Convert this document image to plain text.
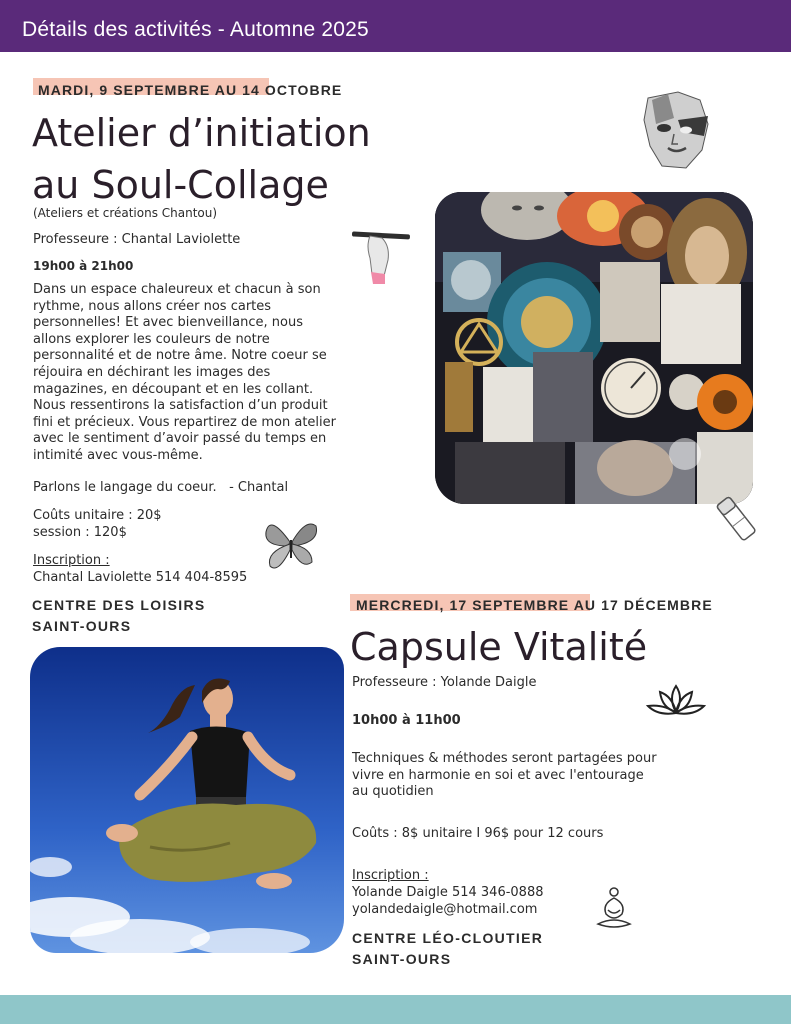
Détails des activités - Automne 2025
MARDI, 9 SEPTEMBRE AU 14 OCTOBRE
Atelier d’initiation
au Soul-Collage
(Ateliers et créations Chantou)
Professeure : Chantal Laviolette
19h00 à 21h00
Dans un espace chaleureux et chacun à son
rythme, nous allons créer nos cartes
personnelles! Et avec bienveillance, nous
allons explorer les couleurs de notre
personnalité et de notre âme. Notre coeur se
réjouira en déchirant les images des
magazines, en découpant et en les collant.
Nous ressentirons la satisfaction d’un produit
fini et précieux. Vous repartirez de mon atelier
avec le sentiment d’avoir passé du temps en
intimité avec vous-même.
Parlons le langage du coeur.   - Chantal
Coûts unitaire : 20$
session : 120$
Inscription :
Chantal Laviolette 514 404-8595
CENTRE DES LOISIRS
SAINT-OURS
MERCREDI, 17 SEPTEMBRE AU 17 DÉCEMBRE
Capsule Vitalité
Professeure : Yolande Daigle
10h00 à 11h00
Techniques & méthodes seront partagées pour
vivre en harmonie en soi et avec l'entourage
au quotidien
Coûts : 8$ unitaire I 96$ pour 12 cours
Inscription :
Yolande Daigle 514 346-0888
yolandedaigle@hotmail.com
CENTRE LÉO-CLOUTIER
SAINT-OURS
